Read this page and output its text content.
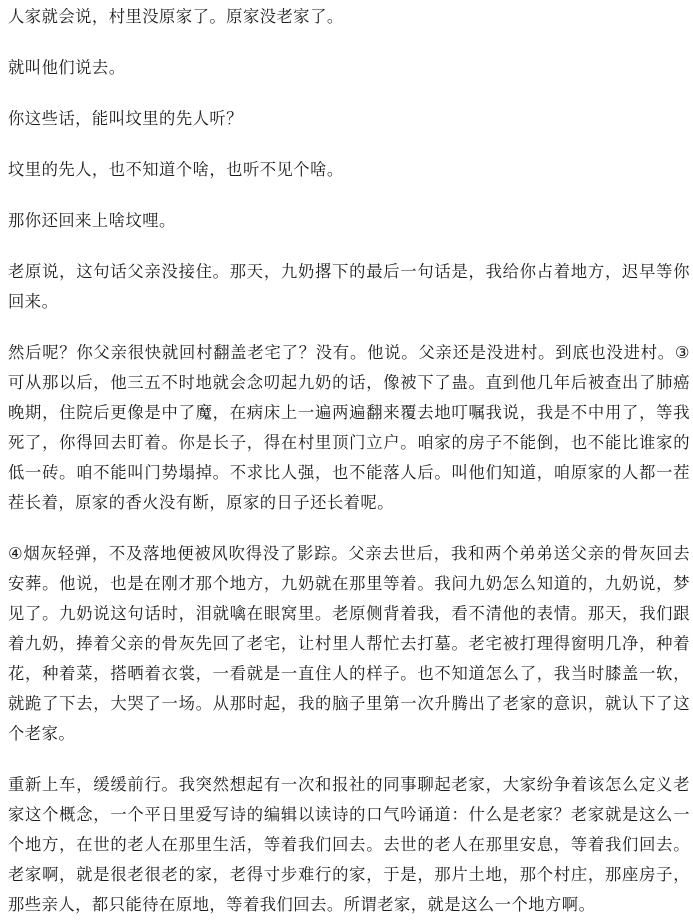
人家就会说，村里没原家了。原家没老家了。

就叫他们说去。

你这些话，能叫坟里的先人听？

坟里的先人，也不知道个啥，也听不见个啥。

那你还回来上啥坟哩。

老原说，这句话父亲没接住。那天，九奶撂下的最后一句话是，我给你占着地方，迟早等你回来。

然后呢？你父亲很快就回村翻盖老宅了？没有。他说。父亲还是没进村。到底也没进村。③可从那以后，他三五不时地就会念叨起九奶的话，像被下了蛊。直到他几年后被查出了肺癌晚期，住院后更像是中了魔，在病床上一遍两遍翻来覆去地叮嘱我说，我是不中用了，等我死了，你得回去盯着。你是长子，得在村里顶门立户。咱家的房子不能倒，也不能比谁家的低一砖。咱不能叫门势塌掉。不求比人强，也不能落人后。叫他们知道，咱原家的人都一茬茬长着，原家的香火没有断，原家的日子还长着呢。

④烟灰轻弹，不及落地便被风吹得没了影踪。父亲去世后，我和两个弟弟送父亲的骨灰回去安葬。他说，也是在刚才那个地方，九奶就在那里等着。我问九奶怎么知道的，九奶说，梦见了。九奶说这句话时，泪就噙在眼窝里。老原侧背着我，看不清他的表情。那天，我们跟着九奶，捧着父亲的骨灰先回了老宅，让村里人帮忙去打墓。老宅被打理得窗明几净，种着花，种着菜，搭晒着衣裳，一看就是一直住人的样子。也不知道怎么了，我当时膝盖一软，就跪了下去，大哭了一场。从那时起，我的脑子里第一次升腾出了老家的意识，就认下了这个老家。

重新上车，缓缓前行。我突然想起有一次和报社的同事聊起老家，大家纷争着该怎么定义老家这个概念，一个平日里爱写诗的编辑以读诗的口气吟诵道：什么是老家？老家就是这么一个地方，在世的老人在那里生活，等着我们回去。去世的老人在那里安息，等着我们回去。老家啊，就是很老很老的家，老得寸步难行的家，于是，那片土地，那个村庄，那座房子，那些亲人，都只能待在原地，等着我们回去。所谓老家，就是这么一个地方啊。
